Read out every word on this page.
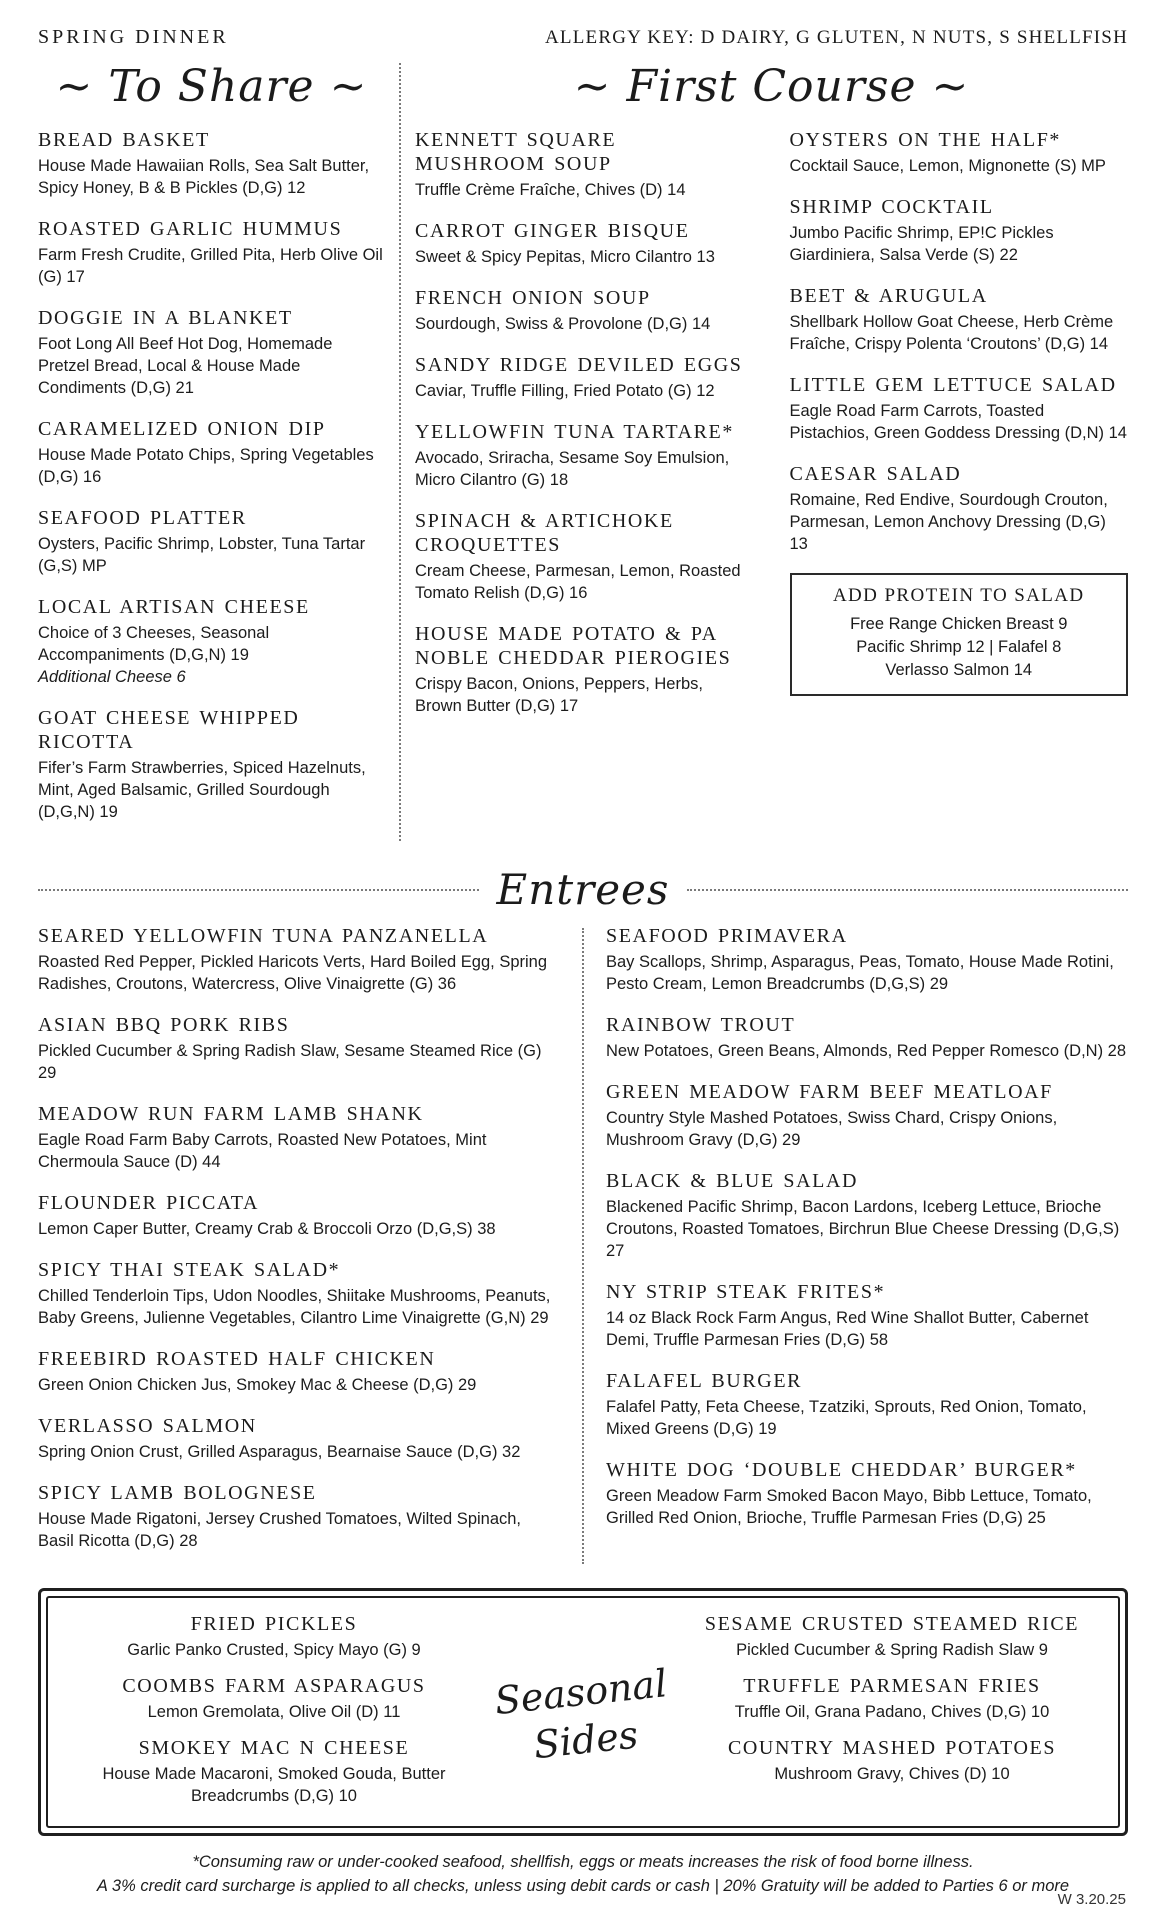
SPRING DINNER	ALLERGY KEY: D DAIRY, G GLUTEN, N NUTS, S SHELLFISH
~ To Share ~
BREAD BASKET
House Made Hawaiian Rolls, Sea Salt Butter, Spicy Honey, B & B Pickles (D,G) 12
ROASTED GARLIC HUMMUS
Farm Fresh Crudite, Grilled Pita, Herb Olive Oil (G) 17
DOGGIE IN A BLANKET
Foot Long All Beef Hot Dog, Homemade Pretzel Bread, Local & House Made Condiments (D,G) 21
CARAMELIZED ONION DIP
House Made Potato Chips, Spring Vegetables (D,G) 16
SEAFOOD PLATTER
Oysters, Pacific Shrimp, Lobster, Tuna Tartar (G,S) MP
LOCAL ARTISAN CHEESE
Choice of 3 Cheeses, Seasonal Accompaniments (D,G,N) 19
Additional Cheese 6
GOAT CHEESE WHIPPED RICOTTA
Fifer’s Farm Strawberries, Spiced Hazelnuts, Mint, Aged Balsamic, Grilled Sourdough (D,G,N) 19
~ First Course ~
KENNETT SQUARE MUSHROOM SOUP
Truffle Crème Fraîche, Chives (D) 14
CARROT GINGER BISQUE
Sweet & Spicy Pepitas, Micro Cilantro 13
FRENCH ONION SOUP
Sourdough, Swiss & Provolone (D,G) 14
SANDY RIDGE DEVILED EGGS
Caviar, Truffle Filling, Fried Potato (G) 12
YELLOWFIN TUNA TARTARE*
Avocado, Sriracha, Sesame Soy Emulsion, Micro Cilantro (G) 18
SPINACH & ARTICHOKE CROQUETTES
Cream Cheese, Parmesan, Lemon, Roasted Tomato Relish (D,G) 16
HOUSE MADE POTATO & PA NOBLE CHEDDAR PIEROGIES
Crispy Bacon, Onions, Peppers, Herbs, Brown Butter (D,G) 17
OYSTERS ON THE HALF*
Cocktail Sauce, Lemon, Mignonette (S) MP
SHRIMP COCKTAIL
Jumbo Pacific Shrimp, EP!C Pickles Giardiniera, Salsa Verde (S) 22
BEET & ARUGULA
Shellbark Hollow Goat Cheese, Herb Crème Fraîche, Crispy Polenta ‘Croutons’ (D,G) 14
LITTLE GEM LETTUCE SALAD
Eagle Road Farm Carrots, Toasted Pistachios, Green Goddess Dressing (D,N) 14
CAESAR SALAD
Romaine, Red Endive, Sourdough Crouton, Parmesan, Lemon Anchovy Dressing (D,G) 13
ADD PROTEIN TO SALAD
Free Range Chicken Breast 9
Pacific Shrimp 12 | Falafel 8
Verlasso Salmon 14
Entrees
SEARED YELLOWFIN TUNA PANZANELLA
Roasted Red Pepper, Pickled Haricots Verts, Hard Boiled Egg, Spring Radishes, Croutons, Watercress, Olive Vinaigrette (G) 36
ASIAN BBQ PORK RIBS
Pickled Cucumber & Spring Radish Slaw, Sesame Steamed Rice (G) 29
MEADOW RUN FARM LAMB SHANK
Eagle Road Farm Baby Carrots, Roasted New Potatoes, Mint Chermoula Sauce (D) 44
FLOUNDER PICCATA
Lemon Caper Butter, Creamy Crab & Broccoli Orzo (D,G,S) 38
SPICY THAI STEAK SALAD*
Chilled Tenderloin Tips, Udon Noodles, Shiitake Mushrooms, Peanuts, Baby Greens, Julienne Vegetables, Cilantro Lime Vinaigrette (G,N) 29
FREEBIRD ROASTED HALF CHICKEN
Green Onion Chicken Jus, Smokey Mac & Cheese (D,G) 29
VERLASSO SALMON
Spring Onion Crust, Grilled Asparagus, Bearnaise Sauce (D,G) 32
SPICY LAMB BOLOGNESE
House Made Rigatoni, Jersey Crushed Tomatoes, Wilted Spinach, Basil Ricotta (D,G) 28
SEAFOOD PRIMAVERA
Bay Scallops, Shrimp, Asparagus, Peas, Tomato, House Made Rotini, Pesto Cream, Lemon Breadcrumbs (D,G,S) 29
RAINBOW TROUT
New Potatoes, Green Beans, Almonds, Red Pepper Romesco (D,N) 28
GREEN MEADOW FARM BEEF MEATLOAF
Country Style Mashed Potatoes, Swiss Chard, Crispy Onions, Mushroom Gravy (D,G) 29
BLACK & BLUE SALAD
Blackened Pacific Shrimp, Bacon Lardons, Iceberg Lettuce, Brioche Croutons, Roasted Tomatoes, Birchrun Blue Cheese Dressing (D,G,S) 27
NY STRIP STEAK FRITES*
14 oz Black Rock Farm Angus, Red Wine Shallot Butter, Cabernet Demi, Truffle Parmesan Fries (D,G) 58
FALAFEL BURGER
Falafel Patty, Feta Cheese, Tzatziki, Sprouts, Red Onion, Tomato, Mixed Greens (D,G) 19
WHITE DOG ‘DOUBLE CHEDDAR’ BURGER*
Green Meadow Farm Smoked Bacon Mayo, Bibb Lettuce, Tomato, Grilled Red Onion, Brioche, Truffle Parmesan Fries (D,G) 25
FRIED PICKLES
Garlic Panko Crusted, Spicy Mayo (G) 9
COOMBS FARM ASPARAGUS
Lemon Gremolata, Olive Oil (D) 11
SMOKEY MAC N CHEESE
House Made Macaroni, Smoked Gouda, Butter Breadcrumbs (D,G) 10
Seasonal
Sides
SESAME CRUSTED STEAMED RICE
Pickled Cucumber & Spring Radish Slaw 9
TRUFFLE PARMESAN FRIES
Truffle Oil, Grana Padano, Chives (D,G) 10
COUNTRY MASHED POTATOES
Mushroom Gravy, Chives (D) 10
*Consuming raw or under-cooked seafood, shellfish, eggs or meats increases the risk of food borne illness.
A 3% credit card surcharge is applied to all checks, unless using debit cards or cash | 20% Gratuity will be added to Parties 6 or more
W 3.20.25
